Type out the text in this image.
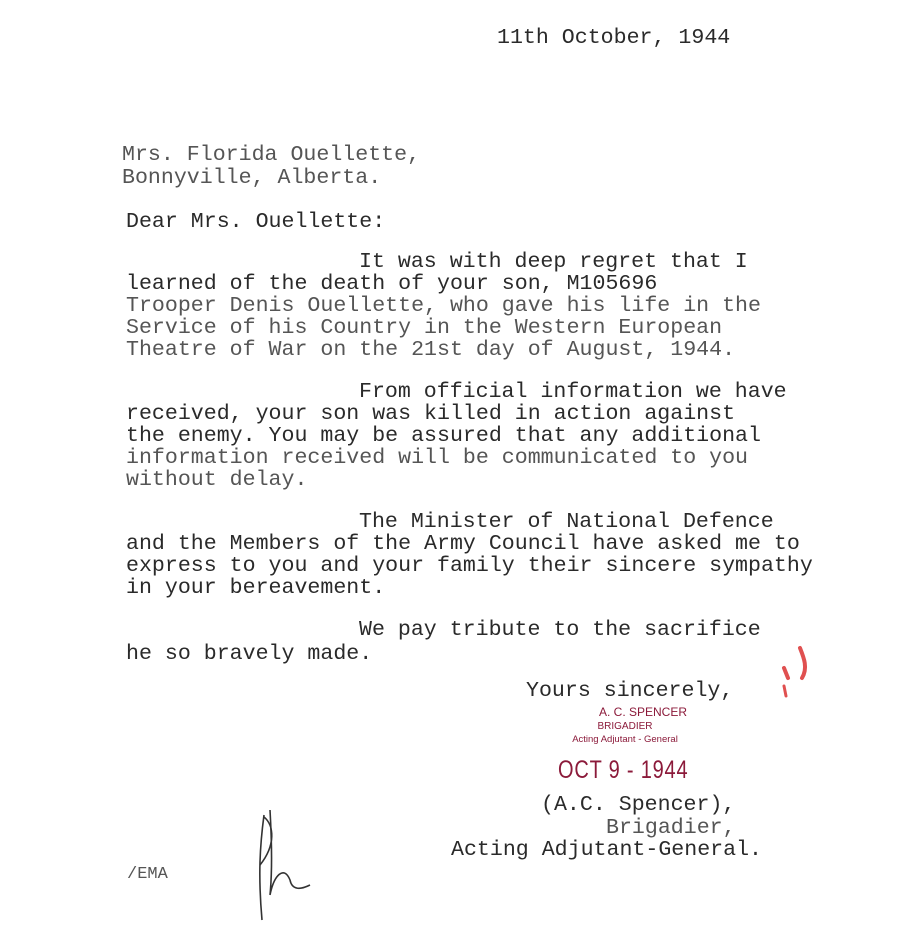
11th October, 1944
Mrs. Florida Ouellette,
Bonnyville, Alberta.
Dear Mrs. Ouellette:
It was with deep regret that I
learned of the death of your son, M105696
Trooper Denis Ouellette, who gave his life in the
Service of his Country in the Western European
Theatre of War on the 21st day of August, 1944.
From official information we have
received, your son was killed in action against
the enemy. You may be assured that any additional
information received will be communicated to you
without delay.
The Minister of National Defence
and the Members of the Army Council have asked me to
express to you and your family their sincere sympathy
in your bereavement.
We pay tribute to the sacrifice
he so bravely made.
Yours sincerely,
A. C. SPENCER
BRIGADIER
Acting Adjutant - General
OCT 9 - 1944
(A.C. Spencer),
Brigadier,
Acting Adjutant-General.
/EMA
